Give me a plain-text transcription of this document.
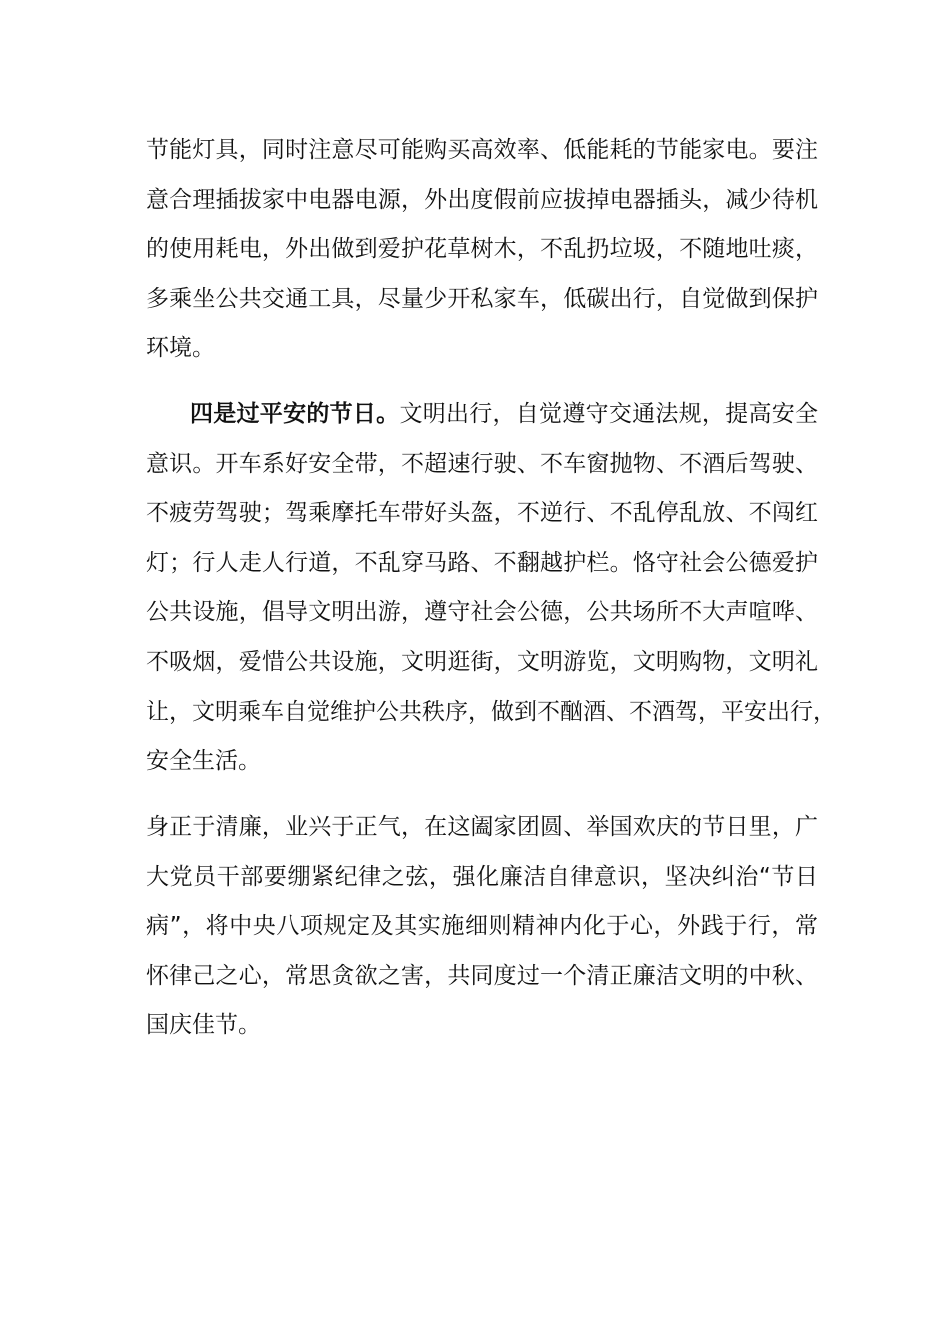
节能灯具，同时注意尽可能购买高效率、低能耗的节能家电。要注
意合理插拔家中电器电源，外出度假前应拔掉电器插头，减少待机
的使用耗电，外出做到爱护花草树木，不乱扔垃圾，不随地吐痰，
多乘坐公共交通工具，尽量少开私家车，低碳出行，自觉做到保护
环境。
四是过平安的节日。文明出行，自觉遵守交通法规，提高安全
意识。开车系好安全带，不超速行驶、不车窗抛物、不酒后驾驶、
不疲劳驾驶；驾乘摩托车带好头盔，不逆行、不乱停乱放、不闯红
灯；行人走人行道，不乱穿马路、不翻越护栏。恪守社会公德爱护
公共设施，倡导文明出游，遵守社会公德，公共场所不大声喧哗、
不吸烟，爱惜公共设施，文明逛街，文明游览，文明购物，文明礼
让，文明乘车自觉维护公共秩序，做到不酗酒、不酒驾，平安出行，
安全生活。
身正于清廉，业兴于正气，在这阖家团圆、举国欢庆的节日里，广
大党员干部要绷紧纪律之弦，强化廉洁自律意识，坚决纠治“节日
病”，将中央八项规定及其实施细则精神内化于心，外践于行，常
怀律己之心，常思贪欲之害，共同度过一个清正廉洁文明的中秋、
国庆佳节。
